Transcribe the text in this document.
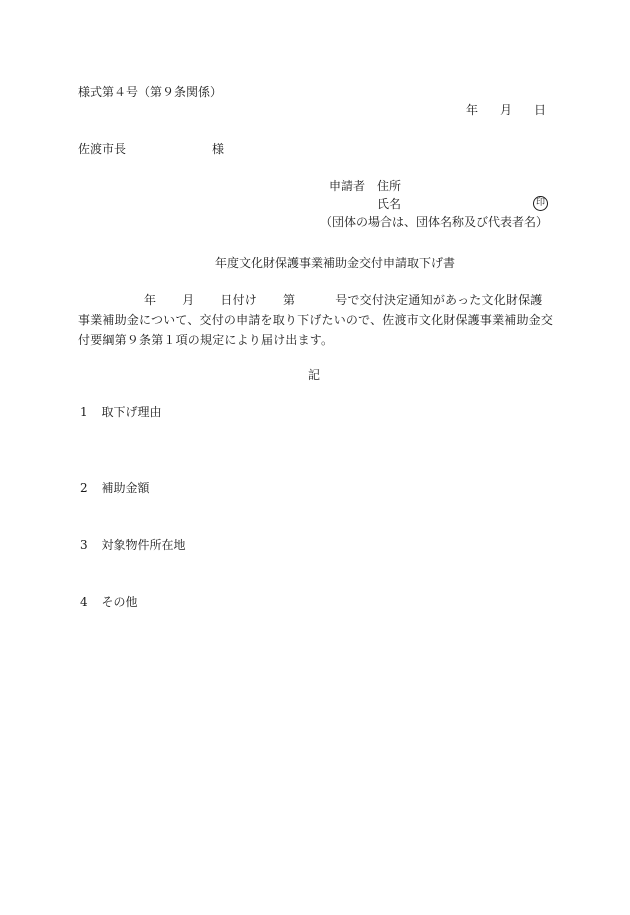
様式第４号（第９条関係）
年 月 日
佐渡市長	様
申請者 住所
氏名	印
（団体の場合は、団体名称及び代表者名）
年度文化財保護事業補助金交付申請取下げ書
年 月 日付け 第	号で交付決定通知があった文化財保護事業補助金について、交付の申請を取り下げたいので、佐渡市文化財保護事業補助金交付要綱第９条第１項の規定により届け出ます。
記
1 取下げ理由
2 補助金額
3 対象物件所在地
4 その他
